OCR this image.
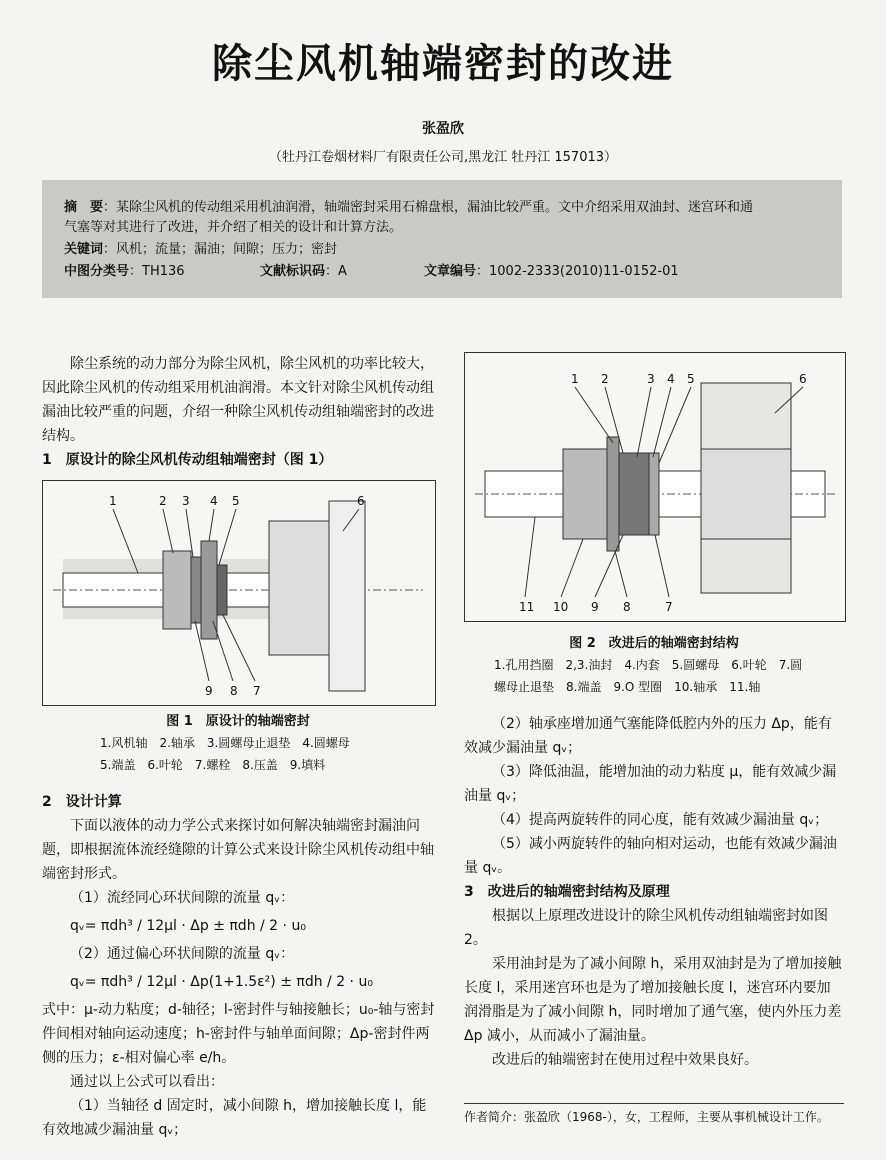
除尘风机轴端密封的改进
张盈欣
（牡丹江卷烟材料厂有限责任公司,黑龙江 牡丹江 157013）
摘　要：某除尘风机的传动组采用机油润滑，轴端密封采用石棉盘根，漏油比较严重。文中介绍采用双油封、迷宫环和通
气塞等对其进行了改进，并介绍了相关的设计和计算方法。
关键词：风机；流量；漏油；间隙；压力；密封
中图分类号：TH136	文献标识码：A	文章编号：1002-2333(2010)11-0152-01

除尘系统的动力部分为除尘风机，除尘风机的功率比较大，因此除尘风机的传动组采用机油润滑。本文针对除尘风机传动组漏油比较严重的问题，介绍一种除尘风机传动组轴端密封的改进结构。

1　原设计的除尘风机传动组轴端密封（图 1）

1	2 3 4 5	6
7
8
9
图 1　原设计的轴端密封
1.风机轴　2.轴承　3.圆螺母止退垫　4.圆螺母
5.端盖　6.叶轮　7.螺栓　8.压盖　9.填料

2　设计计算

下面以液体的动力学公式来探讨如何解决轴端密封漏油问题，即根据流体流经缝隙的计算公式来设计除尘风机传动组中轴端密封形式。

（1）流经同心环状间隙的流量 qᵥ：

qᵥ= πdh³ / 12μl · Δp ± πdh / 2 · u₀

（2）通过偏心环状间隙的流量 qᵥ：

qᵥ= πdh³ / 12μl · Δp(1+1.5ε²) ± πdh / 2 · u₀

式中：μ-动力粘度；d-轴径；l-密封件与轴接触长；u₀-轴与密封件间相对轴向运动速度；h-密封件与轴单面间隙；Δp-密封件两侧的压力；ε-相对偏心率 e/h。

通过以上公式可以看出：

（1）当轴径 d 固定时，减小间隙 h，增加接触长度 l，能有效地减少漏油量 qᵥ；

1 2	3 4 5	6
7
8
9
10
11
图 2　改进后的轴端密封结构
1.孔用挡圈　2,3.油封　4.内套　5.圆螺母　6.叶轮　7.圆
螺母止退垫　8.端盖　9.O 型圈　10.轴承　11.轴

（2）轴承座增加通气塞能降低腔内外的压力 Δp，能有效减少漏油量 qᵥ；

（3）降低油温，能增加油的动力粘度 μ，能有效减少漏油量 qᵥ；

（4）提高两旋转件的同心度，能有效减少漏油量 qᵥ；

（5）减小两旋转件的轴向相对运动，也能有效减少漏油量 qᵥ。

3　改进后的轴端密封结构及原理

根据以上原理改进设计的除尘风机传动组轴端密封如图 2。

采用油封是为了减小间隙 h，采用双油封是为了增加接触长度 l，采用迷宫环也是为了增加接触长度 l，迷宫环内要加润滑脂是为了减小间隙 h，同时增加了通气塞，使内外压力差 Δp 减小，从而减小了漏油量。

改进后的轴端密封在使用过程中效果良好。

作者简介：张盈欣（1968-），女，工程师，主要从事机械设计工作。
